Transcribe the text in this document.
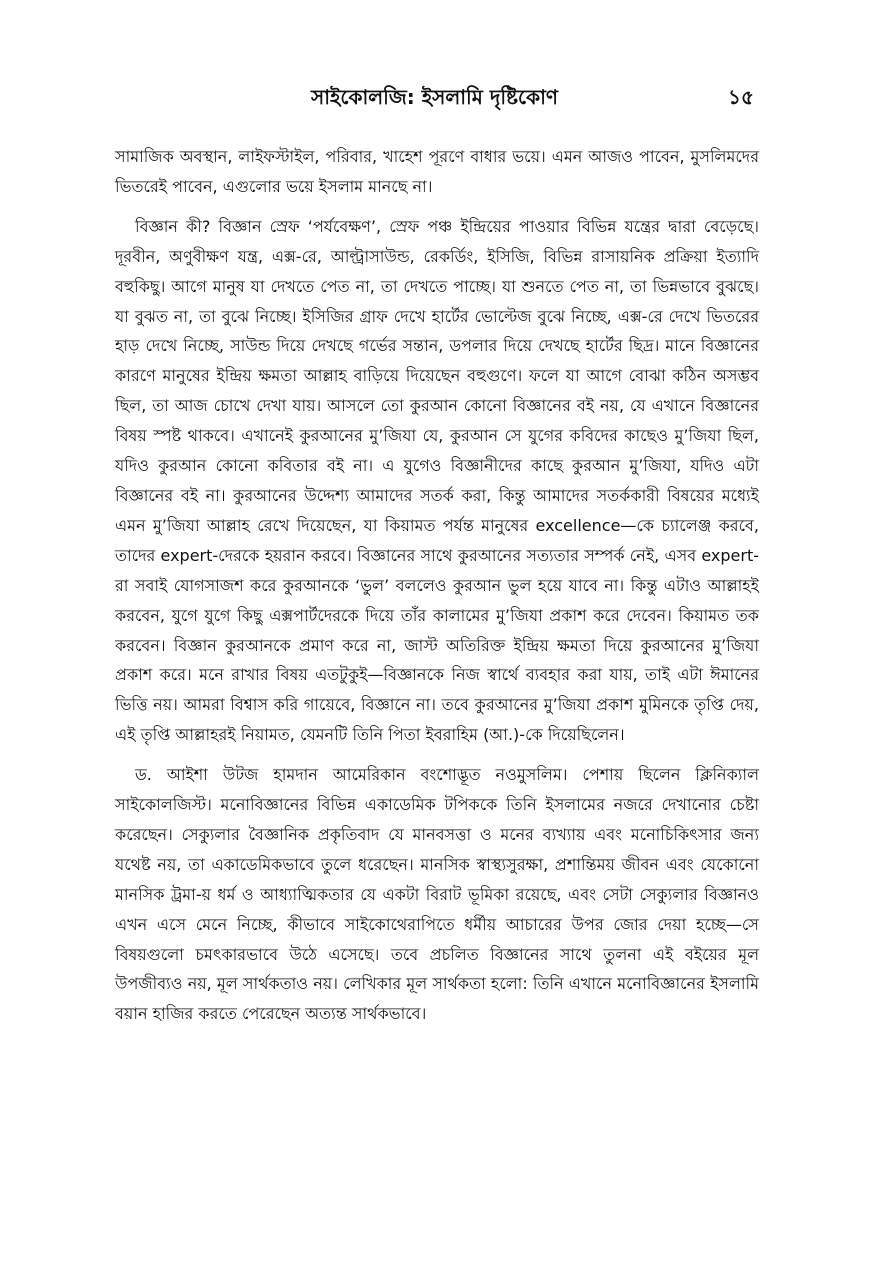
সাইকোলজি: ইসলামি দৃষ্টিকোণ	১৫

সামাজিক অবস্থান, লাইফস্টাইল, পরিবার, খাহেশ পূরণে বাধার ভয়ে। এমন আজও পাবেন, মুসলিমদের ভিতরেই পাবেন, এগুলোর ভয়ে ইসলাম মানছে না।

বিজ্ঞান কী? বিজ্ঞান স্রেফ ‘পর্যবেক্ষণ’, স্রেফ পঞ্চ ইন্দ্রিয়ের পাওয়ার বিভিন্ন যন্ত্রের দ্বারা বেড়েছে। দূরবীন, অণুবীক্ষণ যন্ত্র, এক্স-রে, আল্ট্রাসাউন্ড, রেকর্ডিং, ইসিজি, বিভিন্ন রাসায়নিক প্রক্রিয়া ইত্যাদি বহুকিছু। আগে মানুষ যা দেখতে পেত না, তা দেখতে পাচ্ছে। যা শুনতে পেত না, তা ভিন্নভাবে বুঝছে। যা বুঝত না, তা বুঝে নিচ্ছে। ইসিজির গ্রাফ দেখে হার্টের ভোল্টেজ বুঝে নিচ্ছে, এক্স-রে দেখে ভিতরের হাড় দেখে নিচ্ছে, সাউন্ড দিয়ে দেখছে গর্ভের সন্তান, ডপলার দিয়ে দেখছে হার্টের ছিদ্র। মানে বিজ্ঞানের কারণে মানুষের ইন্দ্রিয় ক্ষমতা আল্লাহ বাড়িয়ে দিয়েছেন বহুগুণে। ফলে যা আগে বোঝা কঠিন অসম্ভব ছিল, তা আজ চোখে দেখা যায়। আসলে তো কুরআন কোনো বিজ্ঞানের বই নয়, যে এখানে বিজ্ঞানের বিষয় স্পষ্ট থাকবে। এখানেই কুরআনের মু’জিযা যে, কুরআন সে যুগের কবিদের কাছেও মু’জিযা ছিল, যদিও কুরআন কোনো কবিতার বই না। এ যুগেও বিজ্ঞানীদের কাছে কুরআন মু’জিযা, যদিও এটা বিজ্ঞানের বই না। কুরআনের উদ্দেশ্য আমাদের সতর্ক করা, কিন্তু আমাদের সতর্ককারী বিষয়ের মধ্যেই এমন মু’জিযা আল্লাহ রেখে দিয়েছেন, যা কিয়ামত পর্যন্ত মানুষের excellence—কে চ্যালেঞ্জ করবে, তাদের expert-দেরকে হয়রান করবে। বিজ্ঞানের সাথে কুরআনের সত্যতার সম্পর্ক নেই, এসব expert-রা সবাই যোগসাজশ করে কুরআনকে ‘ভুল’ বললেও কুরআন ভুল হয়ে যাবে না। কিন্তু এটাও আল্লাহই করবেন, যুগে যুগে কিছু এক্সপার্টদেরকে দিয়ে তাঁর কালামের মু’জিযা প্রকাশ করে দেবেন। কিয়ামত তক করবেন। বিজ্ঞান কুরআনকে প্রমাণ করে না, জাস্ট অতিরিক্ত ইন্দ্রিয় ক্ষমতা দিয়ে কুরআনের মু’জিযা প্রকাশ করে। মনে রাখার বিষয় এতটুকুই—বিজ্ঞানকে নিজ স্বার্থে ব্যবহার করা যায়, তাই এটা ঈমানের ভিত্তি নয়। আমরা বিশ্বাস করি গায়েবে, বিজ্ঞানে না। তবে কুরআনের মু’জিযা প্রকাশ মুমিনকে তৃপ্তি দেয়, এই তৃপ্তি আল্লাহরই নিয়ামত, যেমনটি তিনি পিতা ইবরাহিম (আ.)-কে দিয়েছিলেন।

ড. আইশা উটজ হামদান আমেরিকান বংশোদ্ভূত নওমুসলিম। পেশায় ছিলেন ক্লিনিক্যাল সাইকোলজিস্ট। মনোবিজ্ঞানের বিভিন্ন একাডেমিক টপিককে তিনি ইসলামের নজরে দেখানোর চেষ্টা করেছেন। সেক্যুলার বৈজ্ঞানিক প্রকৃতিবাদ যে মানবসত্তা ও মনের ব্যখ্যায় এবং মনোচিকিৎসার জন্য যথেষ্ট নয়, তা একাডেমিকভাবে তুলে ধরেছেন। মানসিক স্বাস্থ্যসুরক্ষা, প্রশান্তিময় জীবন এবং যেকোনো মানসিক ট্রমা-য় ধর্ম ও আধ্যাত্মিকতার যে একটা বিরাট ভূমিকা রয়েছে, এবং সেটা সেক্যুলার বিজ্ঞানও এখন এসে মেনে নিচ্ছে, কীভাবে সাইকোথেরাপিতে ধর্মীয় আচারের উপর জোর দেয়া হচ্ছে—সে বিষয়গুলো চমৎকারভাবে উঠে এসেছে। তবে প্রচলিত বিজ্ঞানের সাথে তুলনা এই বইয়ের মূল উপজীব্যও নয়, মূল সার্থকতাও নয়। লেখিকার মূল সার্থকতা হলো: তিনি এখানে মনোবিজ্ঞানের ইসলামি বয়ান হাজির করতে পেরেছেন অত্যন্ত সার্থকভাবে।
